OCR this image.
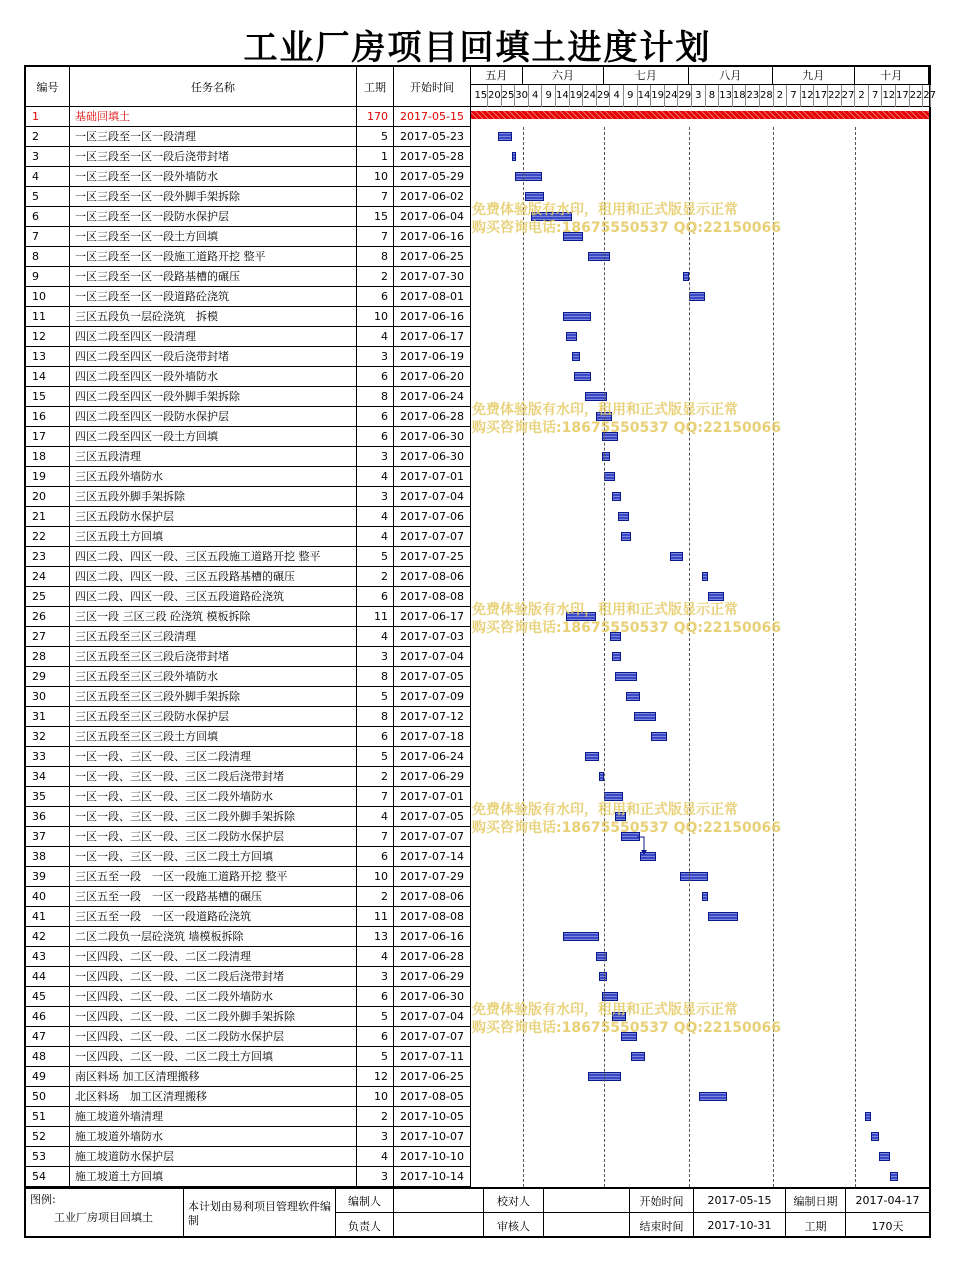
工业厂房项目回填土进度计划
编号	任务名称	工期	开始时间
五月	六月	七月	八月	九月	十月
15 20 25 30 4 9 14 19 24 29 4 9 14 19 24 29 3 8 13 18 23 28 2 7 12 17 22 27 2 7 12 17 22 27
1	基础回填土	170	2017-05-15
2	一区三段至一区一段清理	5	2017-05-23
3	一区三段至一区一段后浇带封堵	1	2017-05-28
4	一区三段至一区一段外墙防水	10	2017-05-29
5	一区三段至一区一段外脚手架拆除	7	2017-06-02
6	一区三段至一区一段防水保护层	15	2017-06-04
7	一区三段至一区一段土方回填	7	2017-06-16
8	一区三段至一区一段施工道路开挖 整平	8	2017-06-25
9	一区三段至一区一段路基槽的碾压	2	2017-07-30
10	一区三段至一区一段道路砼浇筑	6	2017-08-01
11	三区五段负一层砼浇筑　拆模	10	2017-06-16
12	四区二段至四区一段清理	4	2017-06-17
13	四区二段至四区一段后浇带封堵	3	2017-06-19
14	四区二段至四区一段外墙防水	6	2017-06-20
15	四区二段至四区一段外脚手架拆除	8	2017-06-24
16	四区二段至四区一段防水保护层	6	2017-06-28
17	四区二段至四区一段土方回填	6	2017-06-30
18	三区五段清理	3	2017-06-30
19	三区五段外墙防水	4	2017-07-01
20	三区五段外脚手架拆除	3	2017-07-04
21	三区五段防水保护层	4	2017-07-06
22	三区五段土方回填	4	2017-07-07
23	四区二段、四区一段、三区五段施工道路开挖 整平	5	2017-07-25
24	四区二段、四区一段、三区五段路基槽的碾压	2	2017-08-06
25	四区二段、四区一段、三区五段道路砼浇筑	6	2017-08-08
26	三区一段 三区三段 砼浇筑 模板拆除	11	2017-06-17
27	三区五段至三区三段清理	4	2017-07-03
28	三区五段至三区三段后浇带封堵	3	2017-07-04
29	三区五段至三区三段外墙防水	8	2017-07-05
30	三区五段至三区三段外脚手架拆除	5	2017-07-09
31	三区五段至三区三段防水保护层	8	2017-07-12
32	三区五段至三区三段土方回填	6	2017-07-18
33	一区一段、三区一段、三区二段清理	5	2017-06-24
34	一区一段、三区一段、三区二段后浇带封堵	2	2017-06-29
35	一区一段、三区一段、三区二段外墙防水	7	2017-07-01
36	一区一段、三区一段、三区二段外脚手架拆除	4	2017-07-05
37	一区一段、三区一段、三区二段防水保护层	7	2017-07-07
38	一区一段、三区一段、三区二段土方回填	6	2017-07-14
39	三区五至一段　一区一段施工道路开挖 整平	10	2017-07-29
40	三区五至一段　一区一段路基槽的碾压	2	2017-08-06
41	三区五至一段　一区一段道路砼浇筑	11	2017-08-08
42	二区二段负一层砼浇筑 墙模板拆除	13	2017-06-16
43	一区四段、二区一段、二区二段清理	4	2017-06-28
44	一区四段、二区一段、二区二段后浇带封堵	3	2017-06-29
45	一区四段、二区一段、二区二段外墙防水	6	2017-06-30
46	一区四段、二区一段、二区二段外脚手架拆除	5	2017-07-04
47	一区四段、二区一段、二区二段防水保护层	6	2017-07-07
48	一区四段、二区一段、二区二段土方回填	5	2017-07-11
49	南区料场 加工区清理搬移	12	2017-06-25
50	北区料场　加工区清理搬移	10	2017-08-05
51	施工坡道外墙清理	2	2017-10-05
52	施工坡道外墙防水	3	2017-10-07
53	施工坡道防水保护层	4	2017-10-10
54	施工坡道土方回填	3	2017-10-14
图例:
工业厂房项目回填土
本计划由易利项目管理软件编制
编制人
负责人
校对人
审核人
开始时间	2017-05-15
结束时间	2017-10-31
编制日期	2017-04-17
工期	170天
免费体验版有水印，租用和正式版显示正常
购买咨询电话:18675550537 QQ:22150066
免费体验版有水印，租用和正式版显示正常
购买咨询电话:18675550537 QQ:22150066
免费体验版有水印，租用和正式版显示正常
购买咨询电话:18675550537 QQ:22150066
免费体验版有水印，租用和正式版显示正常
购买咨询电话:18675550537 QQ:22150066
免费体验版有水印，租用和正式版显示正常
购买咨询电话:18675550537 QQ:22150066
